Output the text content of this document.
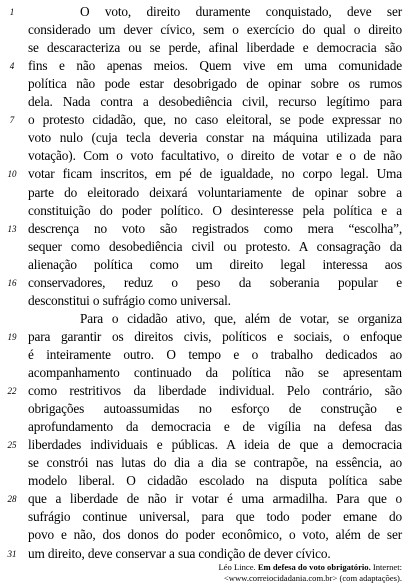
Léo Lince. Em defesa do voto obrigatório. Internet:
<www.correiocidadania.com.br> (com adaptações).
O voto, direito duramente conquistado, deve ser
considerado um dever cívico, sem o exercício do qual o direito
se descaracteriza ou se perde, afinal liberdade e democracia são
fins e não apenas meios. Quem vive em uma comunidade
política não pode estar desobrigado de opinar sobre os rumos
dela. Nada contra a desobediência civil, recurso legítimo para
o protesto cidadão, que, no caso eleitoral, se pode expressar no
voto nulo (cuja tecla deveria constar na máquina utilizada para
votação). Com o voto facultativo, o direito de votar e o de não
votar ficam inscritos, em pé de igualdade, no corpo legal. Uma
parte do eleitorado deixará voluntariamente de opinar sobre a
constituição do poder político. O desinteresse pela política e a
descrença no voto são registrados como mera “escolha”,
sequer como desobediência civil ou protesto. A consagração da
alienação política como um direito legal interessa aos
conservadores, reduz o peso da soberania popular e
desconstitui o sufrágio como universal.
Para o cidadão ativo, que, além de votar, se organiza
para garantir os direitos civis, políticos e sociais, o enfoque
é inteiramente outro. O tempo e o trabalho dedicados ao
acompanhamento continuado da política não se apresentam
como restritivos da liberdade individual. Pelo contrário, são
obrigações autoassumidas no esforço de construção e
aprofundamento da democracia e de vigília na defesa das
liberdades individuais e públicas. A ideia de que a democracia
se constrói nas lutas do dia a dia se contrapõe, na essência, ao
modelo liberal. O cidadão escolado na disputa política sabe
que a liberdade de não ir votar é uma armadilha. Para que o
sufrágio continue universal, para que todo poder emane do
povo e não, dos donos do poder econômico, o voto, além de ser
um direito, deve conservar a sua condição de dever cívico.
1
4
7
10
13
16
19
22
25
28
31
